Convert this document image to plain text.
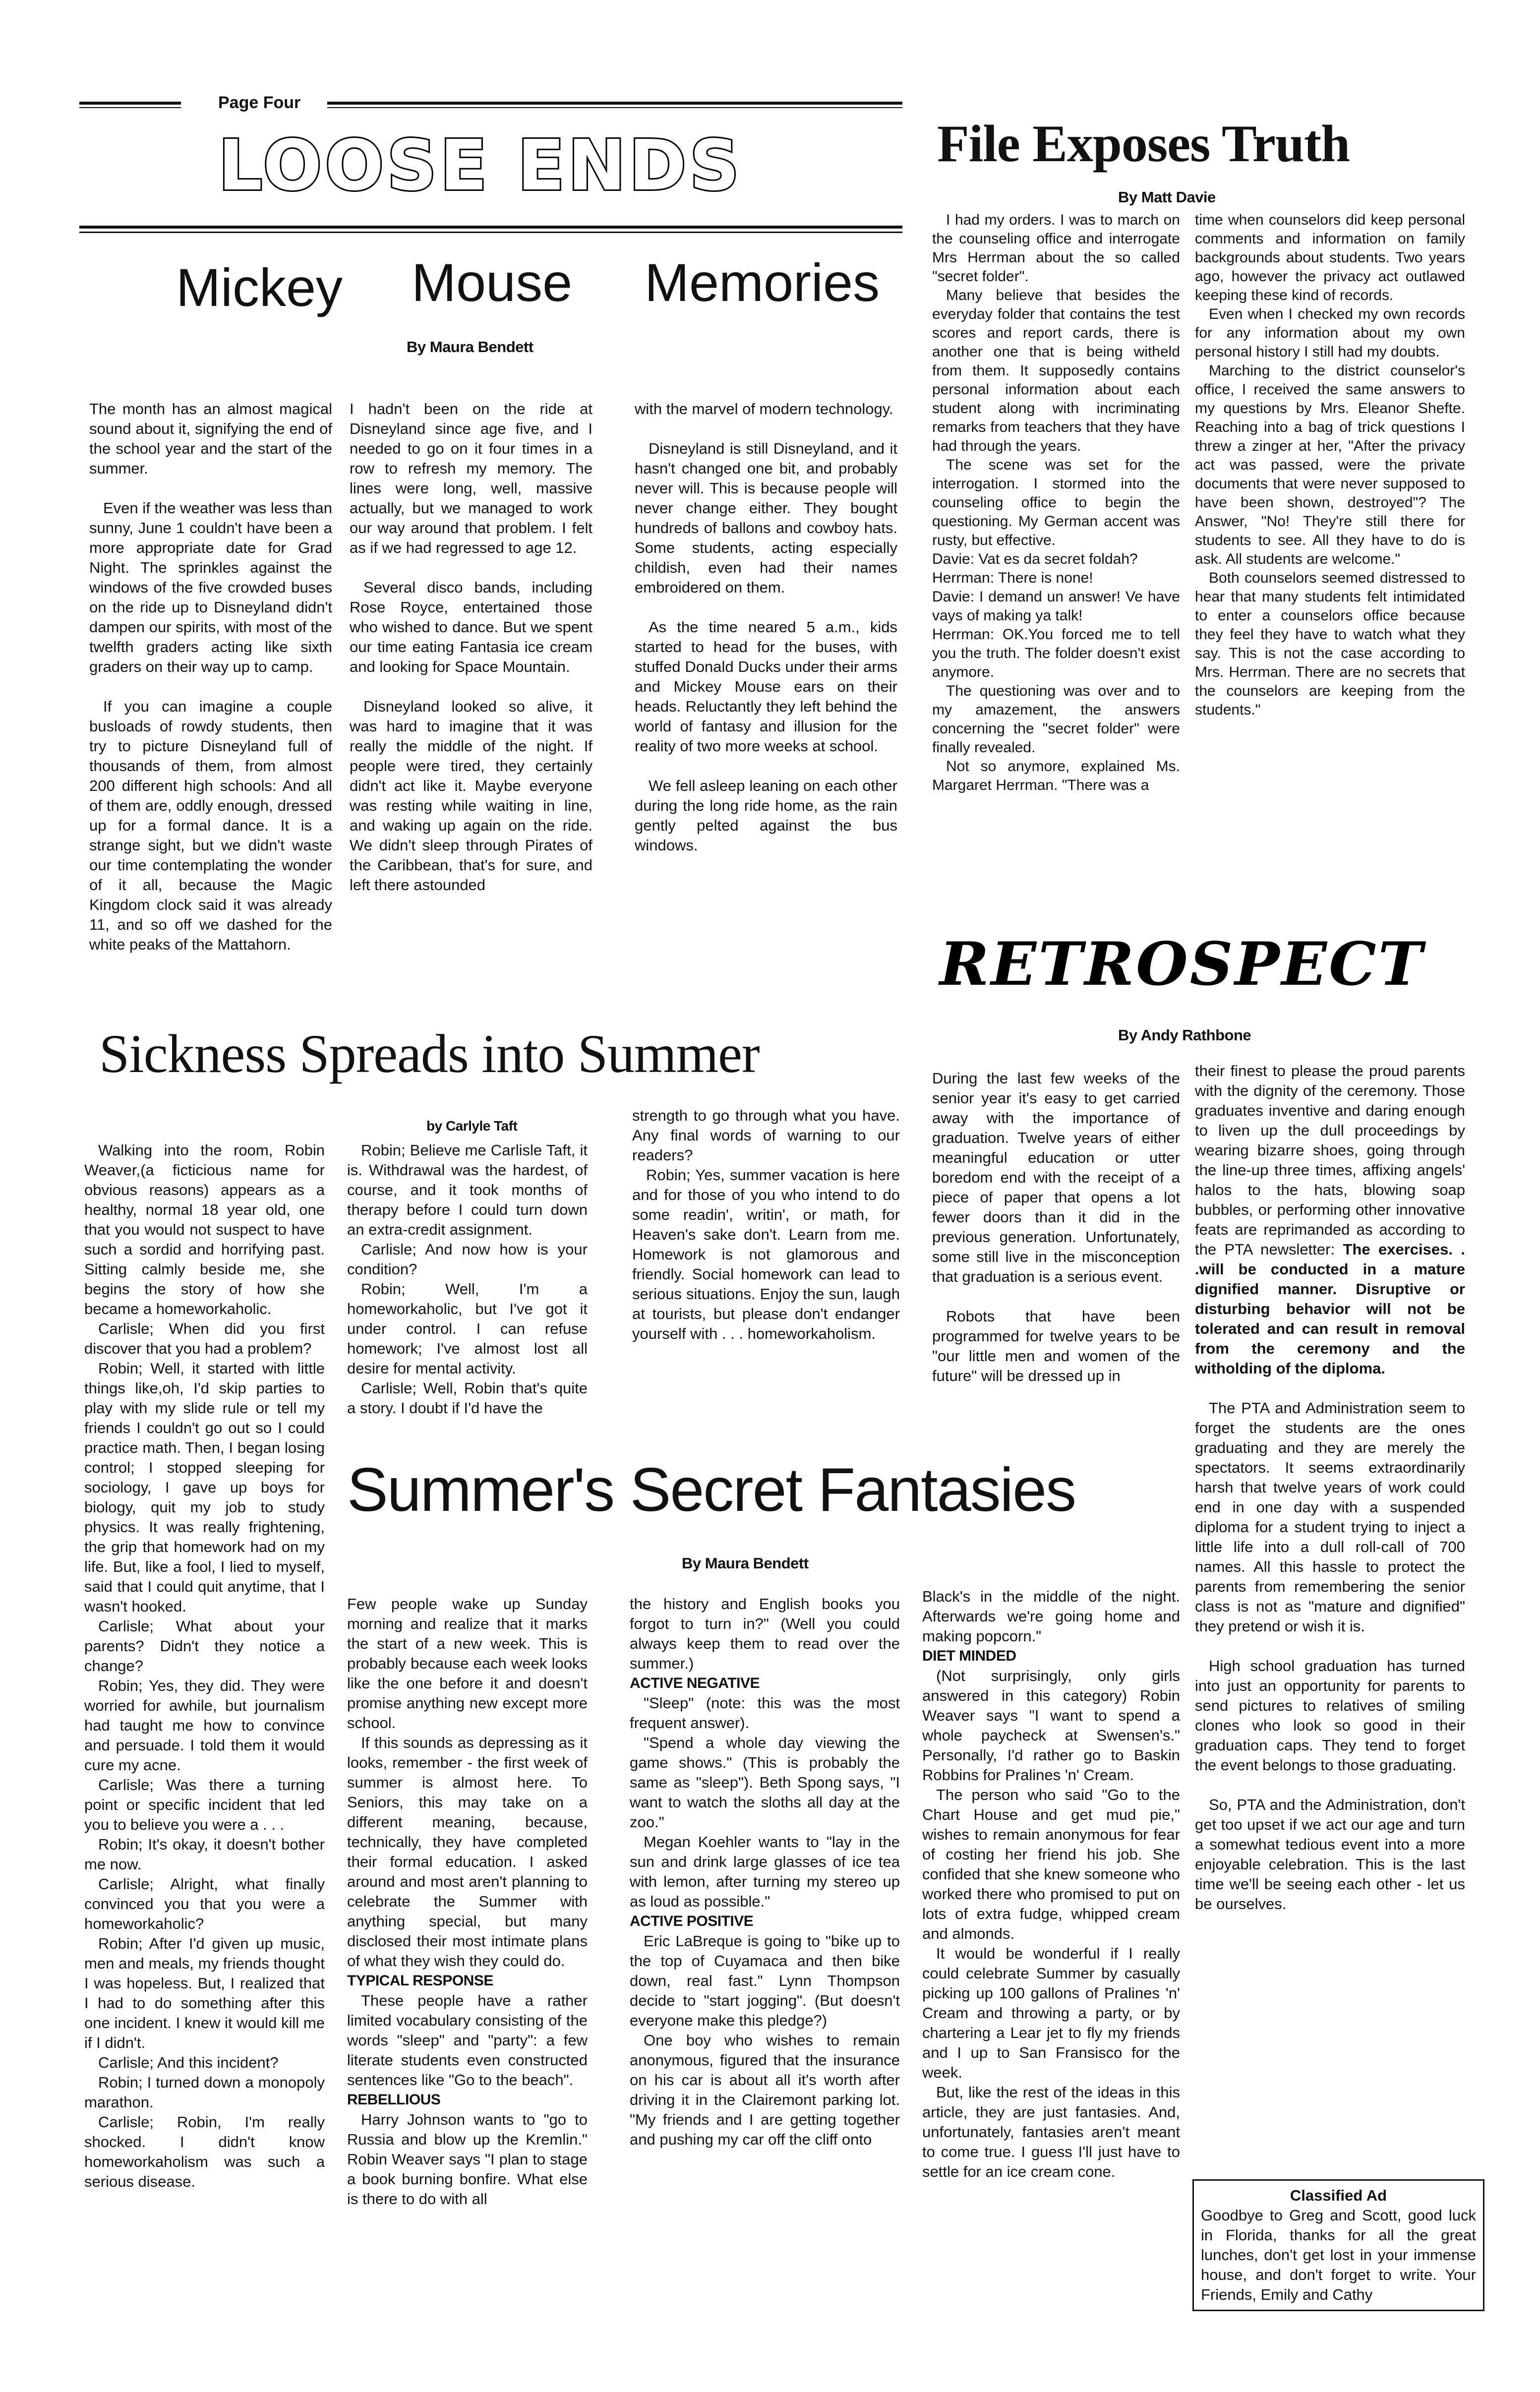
Page Four
LOOSE ENDS
Mickey Mouse Memories
By Maura Bendett

The month has an almost magical sound about it, signifying the end of the school year and the start of the summer.

Even if the weather was less than sunny, June 1 couldn't have been a more appropriate date for Grad Night. The sprinkles against the windows of the five crowded buses on the ride up to Disneyland didn't dampen our spirits, with most of the twelfth graders acting like sixth graders on their way up to camp.

If you can imagine a couple busloads of rowdy students, then try to picture Disneyland full of thousands of them, from almost 200 different high schools: And all of them are, oddly enough, dressed up for a formal dance. It is a strange sight, but we didn't waste our time contemplating the wonder of it all, because the Magic Kingdom clock said it was already 11, and so off we dashed for the white peaks of the Mattahorn.

I hadn't been on the ride at Disneyland since age five, and I needed to go on it four times in a row to refresh my memory. The lines were long, well, massive actually, but we managed to work our way around that problem. I felt as if we had regressed to age 12.

Several disco bands, including Rose Royce, entertained those who wished to dance. But we spent our time eating Fantasia ice cream and looking for Space Mountain.

Disneyland looked so alive, it was hard to imagine that it was really the middle of the night. If people were tired, they certainly didn't act like it. Maybe everyone was resting while waiting in line, and waking up again on the ride. We didn't sleep through Pirates of the Caribbean, that's for sure, and left there astounded

with the marvel of modern technology.

Disneyland is still Disneyland, and it hasn't changed one bit, and probably never will. This is because people will never change either. They bought hundreds of ballons and cowboy hats. Some students, acting especially childish, even had their names embroidered on them.

As the time neared 5 a.m., kids started to head for the buses, with stuffed Donald Ducks under their arms and Mickey Mouse ears on their heads. Reluctantly they left behind the world of fantasy and illusion for the reality of two more weeks at school.

We fell asleep leaning on each other during the long ride home, as the rain gently pelted against the bus windows.

File Exposes Truth
By Matt Davie

I had my orders. I was to march on the counseling office and interrogate Mrs Herrman about the so called "secret folder".

Many believe that besides the everyday folder that contains the test scores and report cards, there is another one that is being witheld from them. It supposedly contains personal information about each student along with incriminating remarks from teachers that they have had through the years.

The scene was set for the interrogation. I stormed into the counseling office to begin the questioning. My German accent was rusty, but effective.

Davie: Vat es da secret foldah?

Herrman: There is none!

Davie: I demand un answer! Ve have vays of making ya talk!

Herrman: OK.You forced me to tell you the truth. The folder doesn't exist anymore.

The questioning was over and to my amazement, the answers concerning the "secret folder" were finally revealed.

Not so anymore, explained Ms. Margaret Herrman. "There was a

time when counselors did keep personal comments and information on family backgrounds about students. Two years ago, however the privacy act outlawed keeping these kind of records.

Even when I checked my own records for any information about my own personal history I still had my doubts.

Marching to the district counselor's office, I received the same answers to my questions by Mrs. Eleanor Shefte. Reaching into a bag of trick questions I threw a zinger at her, "After the privacy act was passed, were the private documents that were never supposed to have been shown, destroyed"? The Answer, "No! They're still there for students to see. All they have to do is ask. All students are welcome."

Both counselors seemed distressed to hear that many students felt intimidated to enter a counselors office because they feel they have to watch what they say. This is not the case according to Mrs. Herrman. There are no secrets that the counselors are keeping from the students."

Sickness Spreads into Summer
by Carlyle Taft

Walking into the room, Robin Weaver,(a ficticious name for obvious reasons) appears as a healthy, normal 18 year old, one that you would not suspect to have such a sordid and horrifying past. Sitting calmly beside me, she begins the story of how she became a homeworkaholic.

Carlisle; When did you first discover that you had a problem?

Robin; Well, it started with little things like,oh, I'd skip parties to play with my slide rule or tell my friends I couldn't go out so I could practice math. Then, I began losing control; I stopped sleeping for sociology, I gave up boys for biology, quit my job to study physics. It was really frightening, the grip that homework had on my life. But, like a fool, I lied to myself, said that I could quit anytime, that I wasn't hooked.

Carlisle; What about your parents? Didn't they notice a change?

Robin; Yes, they did. They were worried for awhile, but journalism had taught me how to convince and persuade. I told them it would cure my acne.

Carlisle; Was there a turning point or specific incident that led you to believe you were a . . .

Robin; It's okay, it doesn't bother me now.

Carlisle; Alright, what finally convinced you that you were a homeworkaholic?

Robin; After I'd given up music, men and meals, my friends thought I was hopeless. But, I realized that I had to do something after this one incident. I knew it would kill me if I didn't.

Carlisle; And this incident?

Robin; I turned down a monopoly marathon.

Carlisle; Robin, I'm really shocked. I didn't know homeworkaholism was such a serious disease.

Robin; Believe me Carlisle Taft, it is. Withdrawal was the hardest, of course, and it took months of therapy before I could turn down an extra-credit assignment.

Carlisle; And now how is your condition?

Robin; Well, I'm a homeworkaholic, but I've got it under control. I can refuse homework; I've almost lost all desire for mental activity.

Carlisle; Well, Robin that's quite a story. I doubt if I'd have the

strength to go through what you have. Any final words of warning to our readers?

Robin; Yes, summer vacation is here and for those of you who intend to do some readin', writin', or math, for Heaven's sake don't. Learn from me. Homework is not glamorous and friendly. Social homework can lead to serious situations. Enjoy the sun, laugh at tourists, but please don't endanger yourself with . . . homeworkaholism.

RETROSPECT
By Andy Rathbone

During the last few weeks of the senior year it's easy to get carried away with the importance of graduation. Twelve years of either meaningful education or utter boredom end with the receipt of a piece of paper that opens a lot fewer doors than it did in the previous generation. Unfortunately, some still live in the misconception that graduation is a serious event.

Robots that have been programmed for twelve years to be "our little men and women of the future" will be dressed up in

their finest to please the proud parents with the dignity of the ceremony. Those graduates inventive and daring enough to liven up the dull proceedings by wearing bizarre shoes, going through the line-up three times, affixing angels' halos to the hats, blowing soap bubbles, or performing other innovative feats are reprimanded as according to the PTA newsletter: The exercises. . .will be conducted in a mature dignified manner. Disruptive or disturbing behavior will not be tolerated and can result in removal from the ceremony and the witholding of the diploma.

The PTA and Administration seem to forget the students are the ones graduating and they are merely the spectators. It seems extraordinarily harsh that twelve years of work could end in one day with a suspended diploma for a student trying to inject a little life into a dull roll-call of 700 names. All this hassle to protect the parents from remembering the senior class is not as "mature and dignified" they pretend or wish it is.

High school graduation has turned into just an opportunity for parents to send pictures to relatives of smiling clones who look so good in their graduation caps. They tend to forget the event belongs to those graduating.

So, PTA and the Administration, don't get too upset if we act our age and turn a somewhat tedious event into a more enjoyable celebration. This is the last time we'll be seeing each other - let us be ourselves.

Summer's Secret Fantasies
By Maura Bendett

Few people wake up Sunday morning and realize that it marks the start of a new week. This is probably because each week looks like the one before it and doesn't promise anything new except more school.

If this sounds as depressing as it looks, remember - the first week of summer is almost here. To Seniors, this may take on a different meaning, because, technically, they have completed their formal education. I asked around and most aren't planning to celebrate the Summer with anything special, but many disclosed their most intimate plans of what they wish they could do.

TYPICAL RESPONSE

These people have a rather limited vocabulary consisting of the words "sleep" and "party": a few literate students even constructed sentences like "Go to the beach".

REBELLIOUS

Harry Johnson wants to "go to Russia and blow up the Kremlin." Robin Weaver says "I plan to stage a book burning bonfire. What else is there to do with all

the history and English books you forgot to turn in?" (Well you could always keep them to read over the summer.)

ACTIVE NEGATIVE

"Sleep" (note: this was the most frequent answer).

"Spend a whole day viewing the game shows." (This is probably the same as "sleep"). Beth Spong says, "I want to watch the sloths all day at the zoo."

Megan Koehler wants to "lay in the sun and drink large glasses of ice tea with lemon, after turning my stereo up as loud as possible."

ACTIVE POSITIVE

Eric LaBreque is going to "bike up to the top of Cuyamaca and then bike down, real fast." Lynn Thompson decide to "start jogging". (But doesn't everyone make this pledge?)

One boy who wishes to remain anonymous, figured that the insurance on his car is about all it's worth after driving it in the Clairemont parking lot. "My friends and I are getting together and pushing my car off the cliff onto

Black's in the middle of the night. Afterwards we're going home and making popcorn."

DIET MINDED

(Not surprisingly, only girls answered in this category) Robin Weaver says "I want to spend a whole paycheck at Swensen's." Personally, I'd rather go to Baskin Robbins for Pralines 'n' Cream.

The person who said "Go to the Chart House and get mud pie," wishes to remain anonymous for fear of costing her friend his job. She confided that she knew someone who worked there who promised to put on lots of extra fudge, whipped cream and almonds.

It would be wonderful if I really could celebrate Summer by casually picking up 100 gallons of Pralines 'n' Cream and throwing a party, or by chartering a Lear jet to fly my friends and I up to San Fransisco for the week.

But, like the rest of the ideas in this article, they are just fantasies. And, unfortunately, fantasies aren't meant to come true. I guess I'll just have to settle for an ice cream cone.

Classified Ad
Goodbye to Greg and Scott, good luck in Florida, thanks for all the great lunches, don't get lost in your immense house, and don't forget to write. Your Friends, Emily and Cathy
